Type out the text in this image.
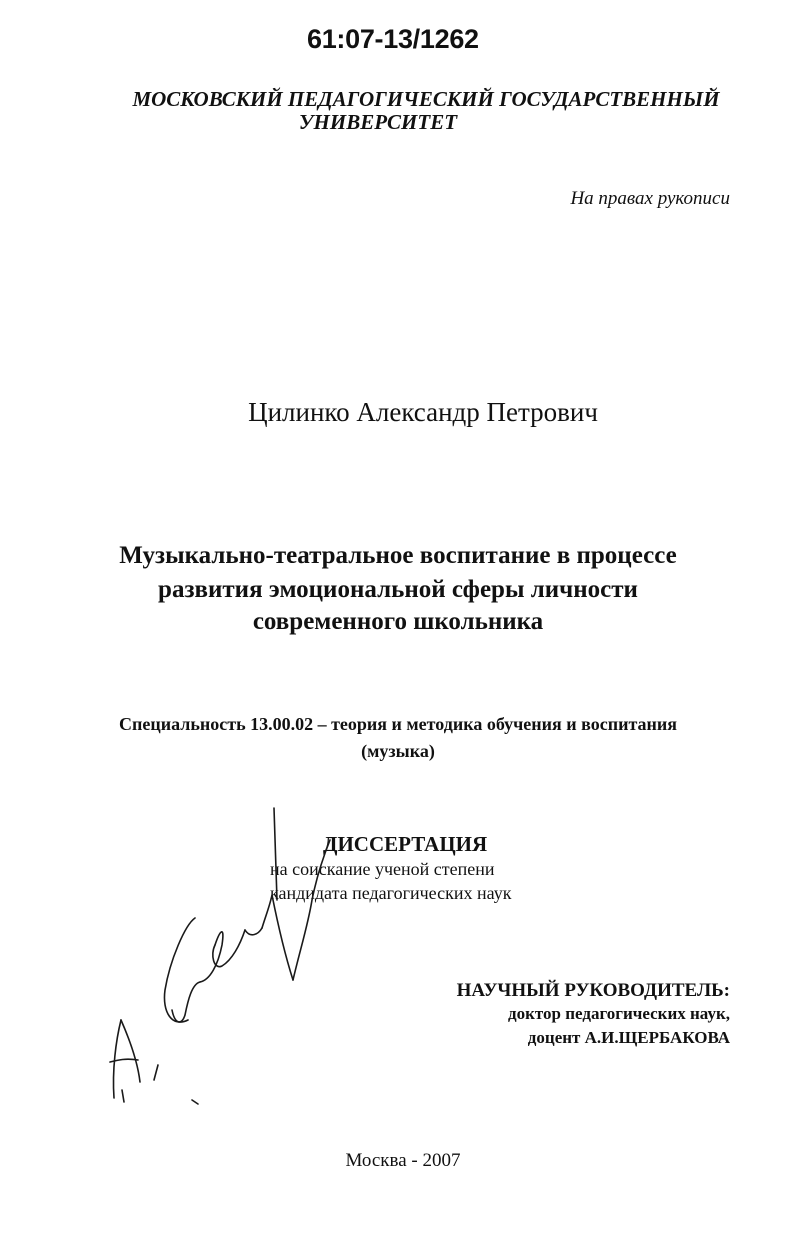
61:07-13/1262
МОСКОВСКИЙ ПЕДАГОГИЧЕСКИЙ ГОСУДАРСТВЕННЫЙ
УНИВЕРСИТЕТ
На правах рукописи
Цилинко Александр Петрович
Музыкально-театральное воспитание в процессе
развития эмоциональной сферы личности
современного школьника
Специальность 13.00.02 – теория и методика обучения и воспитания
(музыка)
ДИССЕРТАЦИЯ
на соискание ученой степени
кандидата педагогических наук
НАУЧНЫЙ РУКОВОДИТЕЛЬ:
доктор педагогических наук,
доцент А.И.ЩЕРБАКОВА
Москва - 2007
